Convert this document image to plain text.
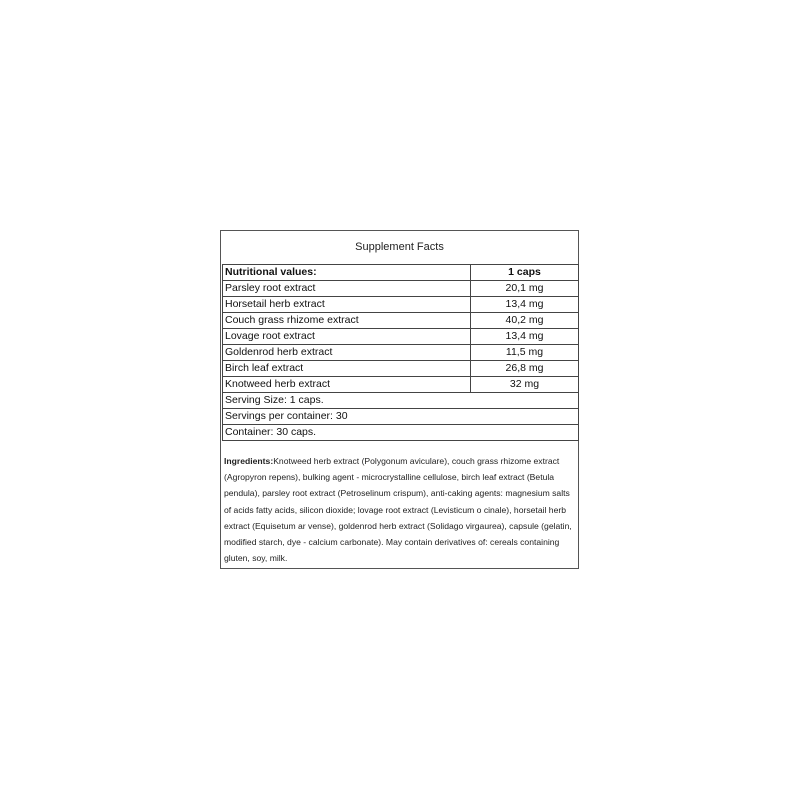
Supplement Facts
Nutritional values:	1 caps
Parsley root extract	20,1 mg
Horsetail herb extract	13,4 mg
Couch grass rhizome extract	40,2 mg
Lovage root extract	13,4 mg
Goldenrod herb extract	11,5 mg
Birch leaf extract	26,8 mg
Knotweed herb extract	32 mg
Serving Size: 1 caps.	
Servings per container: 30	
Container: 30 caps.	
Ingredients:Knotweed herb extract (Polygonum aviculare), couch grass rhizome extract (Agropyron repens), bulking agent - microcrystalline cellulose, birch leaf extract (Betula pendula), parsley root extract (Petroselinum crispum), anti-caking agents: magnesium salts of acids fatty acids, silicon dioxide; lovage root extract (Levisticum o cinale), horsetail herb extract (Equisetum ar vense), goldenrod herb extract (Solidago virgaurea), capsule (gelatin, modified starch, dye - calcium carbonate). May contain derivatives of: cereals containing gluten, soy, milk.
